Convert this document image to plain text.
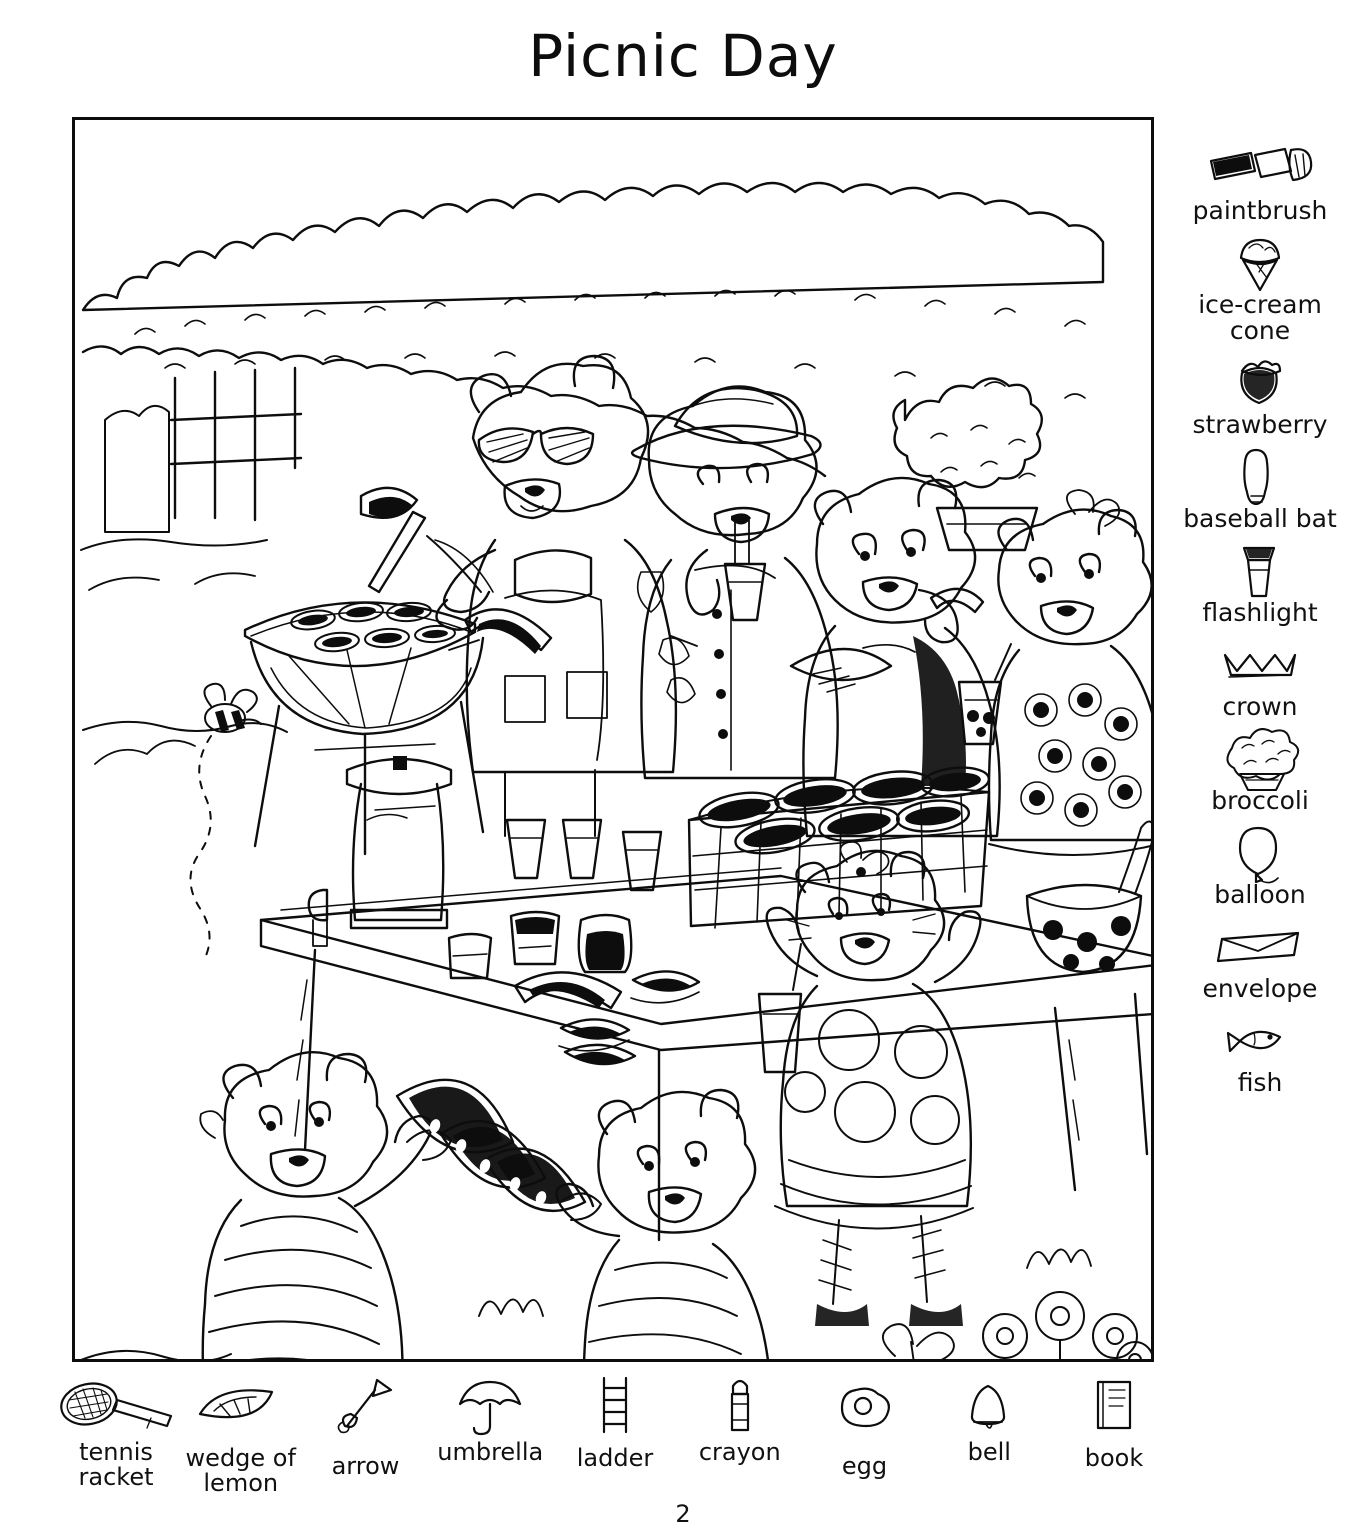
Picnic Day
paintbrush
ice-cream cone
strawberry
baseball bat
flashlight
crown
broccoli
balloon
envelope
fish
tennis racket
wedge of lemon
arrow umbrella ladder crayon	egg	bell	book
2
